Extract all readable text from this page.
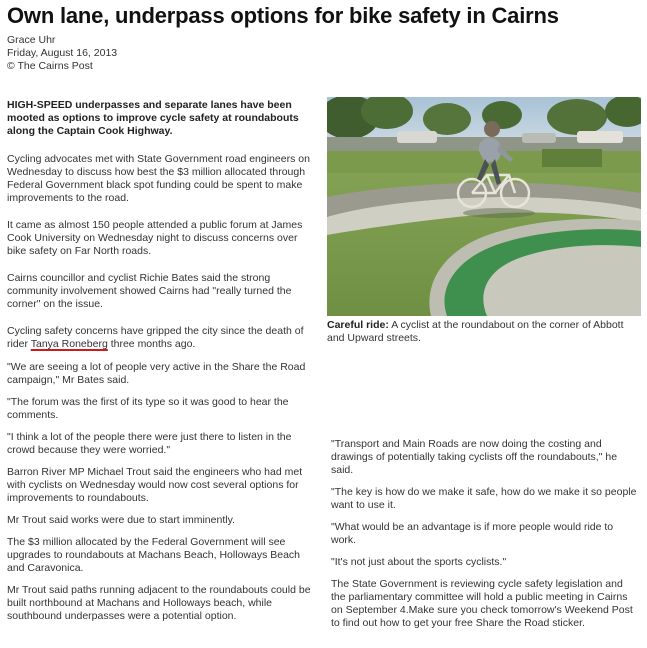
Own lane, underpass options for bike safety in Cairns
Grace Uhr
Friday, August 16, 2013
© The Cairns Post

HIGH-SPEED underpasses and separate lanes have been mooted as options to improve cycle safety at roundabouts along the Captain Cook Highway.

Cycling advocates met with State Government road engineers on Wednesday to discuss how best the $3 million allocated through Federal Government black spot funding could be spent to make improvements to the road.

It came as almost 150 people attended a public forum at James Cook University on Wednesday night to discuss concerns over bike safety on Far North roads.

Cairns councillor and cyclist Richie Bates said the strong community involvement showed Cairns had "really turned the corner" on the issue.

Cycling safety concerns have gripped the city since the death of rider Tanya Roneberg three months ago.

"We are seeing a lot of people very active in the Share the Road campaign," Mr Bates said.

"The forum was the first of its type so it was good to hear the comments.

"I think a lot of the people there were just there to listen in the crowd because they were worried."

Barron River MP Michael Trout said the engineers who had met with cyclists on Wednesday would now cost several options for improvements to roundabouts.

Mr Trout said works were due to start imminently.

The $3 million allocated by the Federal Government will see upgrades to roundabouts at Machans Beach, Holloways Beach and Caravonica.

Mr Trout said paths running adjacent to the roundabouts could be built northbound at Machans and Holloways beach, while southbound underpasses were a potential option.

Careful ride: A cyclist at the roundabout on the corner of Abbott and Upward streets.

"Transport and Main Roads are now doing the costing and drawings of potentially taking cyclists off the roundabouts," he said.

"The key is how do we make it safe, how do we make it so people want to use it.

"What would be an advantage is if more people would ride to work.

"It's not just about the sports cyclists."

The State Government is reviewing cycle safety legislation and the parliamentary committee will hold a public meeting in Cairns on September 4.Make sure you check tomorrow's Weekend Post to find out how to get your free Share the Road sticker.
